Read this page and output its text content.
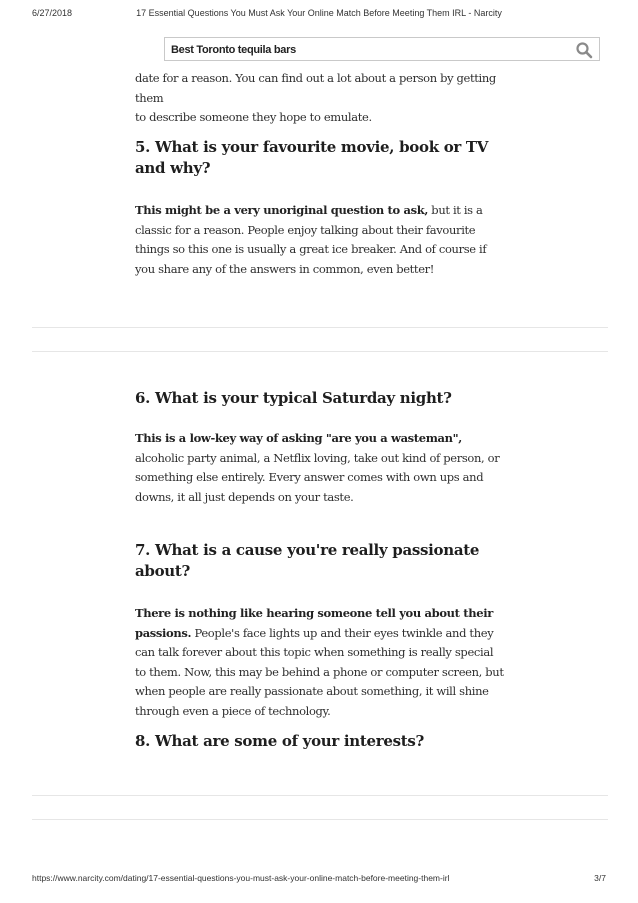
6/27/2018	17 Essential Questions You Must Ask Your Online Match Before Meeting Them IRL - Narcity
Best Toronto tequila bars

date for a reason. You can find out a lot about a person by getting them

to describe someone they hope to emulate.

5. What is your favourite movie, book or TV and why?

This might be a very unoriginal question to ask, but it is a classic for a reason. People enjoy talking about their favourite things so this one is usually a great ice breaker. And of course if you share any of the answers in common, even better!

6. What is your typical Saturday night?

This is a low-key way of asking "are you a wasteman", alcoholic party animal, a Netflix loving, take out kind of person, or something else entirely. Every answer comes with own ups and downs, it all just depends on your taste.

7. What is a cause you're really passionate about?

There is nothing like hearing someone tell you about their passions. People's face lights up and their eyes twinkle and they can talk forever about this topic when something is really special to them. Now, this may be behind a phone or computer screen, but when people are really passionate about something, it will shine through even a piece of technology.

8. What are some of your interests?
https://www.narcity.com/dating/17-essential-questions-you-must-ask-your-online-match-before-meeting-them-irl	3/7
